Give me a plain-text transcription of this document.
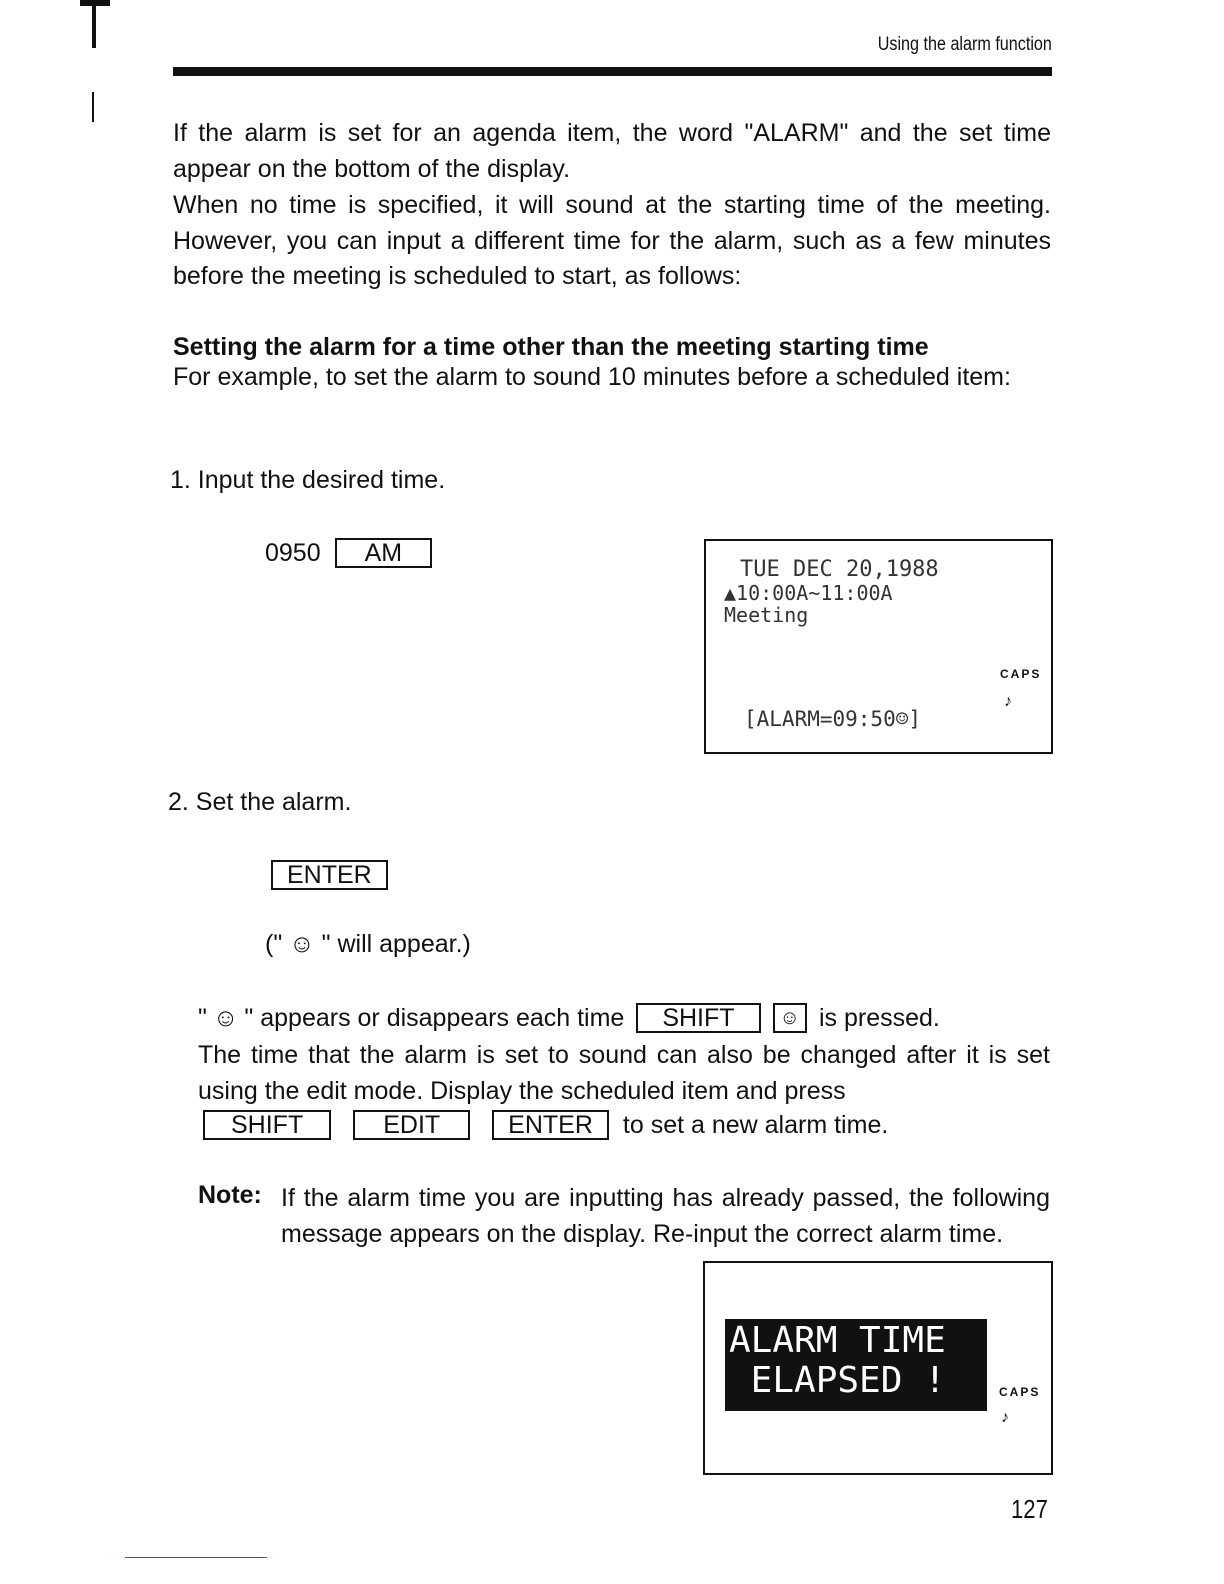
Using the alarm function
If the alarm is set for an agenda item, the word "ALARM" and the set time appear on the bottom of the display.
When no time is specified, it will sound at the starting time of the meeting. However, you can input a different time for the alarm, such as a few minutes before the meeting is scheduled to start, as follows:
Setting the alarm for a time other than the meeting starting time
For example, to set the alarm to sound 10 minutes before a scheduled item:
1. Input the desired time.
0950	AM
TUE DEC 20,1988
▲10:00A~11:00A
Meeting
CAPS
♪
[ALARM=09:50☺]
2. Set the alarm.
ENTER
(" ☺ " will appear.)
" ☺ " appears or disappears each time	SHIFT	☺ is pressed.
The time that the alarm is set to sound can also be changed after it is set using the edit mode. Display the scheduled item and press
SHIFT	EDIT	ENTER	to set a new alarm time.
Note: If the alarm time you are inputting has already passed, the following message appears on the display. Re-input the correct alarm time.
ALARM TIME
ELAPSED !	CAPS
♪
127
